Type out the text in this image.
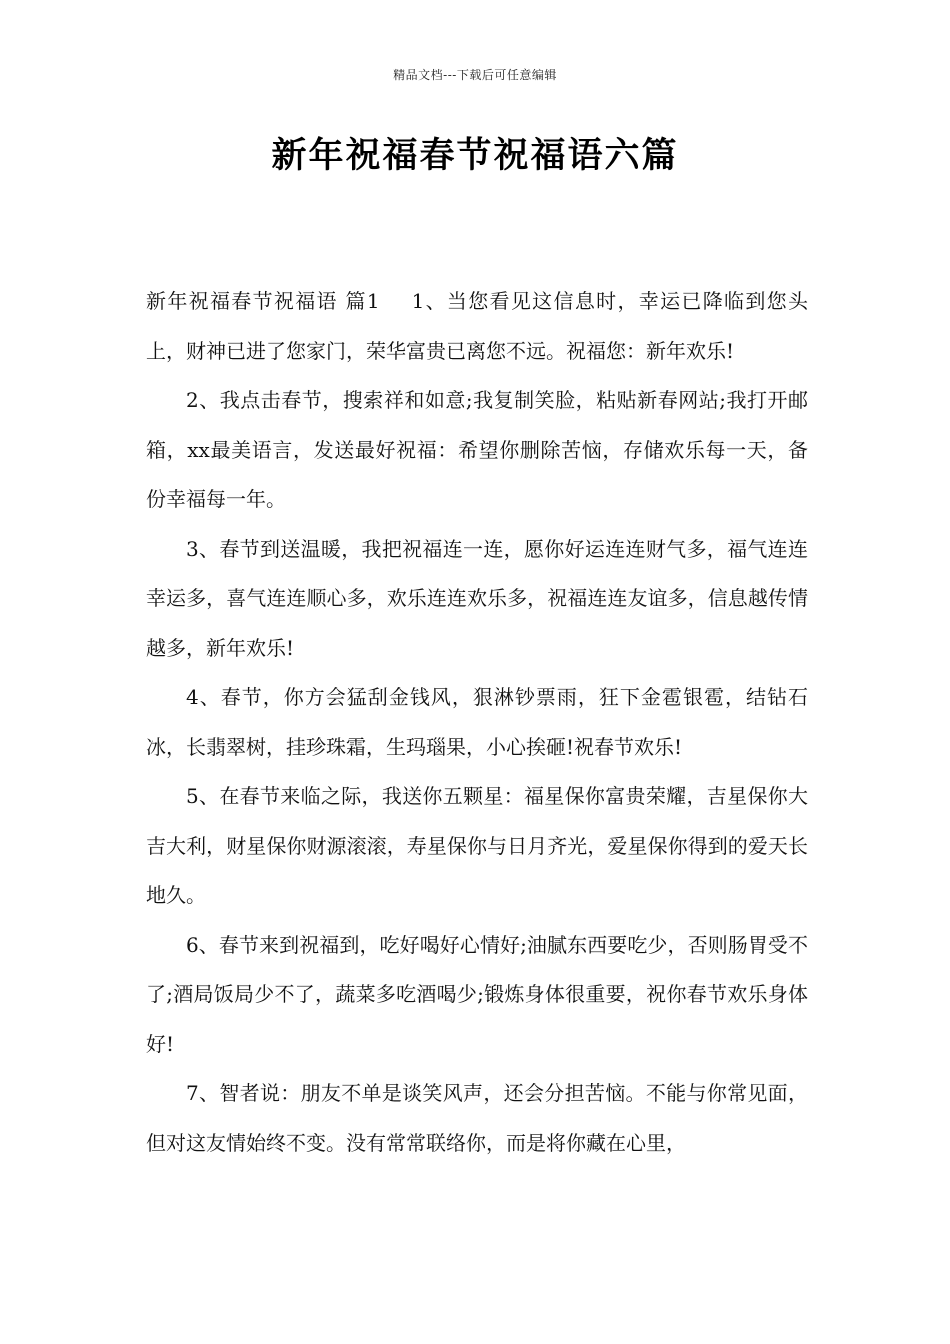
精品文档---下载后可任意编辑
新年祝福春节祝福语六篇

新年祝福春节祝福语 篇1 1、当您看见这信息时，幸运已降临到您头上，财神已进了您家门，荣华富贵已离您不远。祝福您：新年欢乐!

2、我点击春节，搜索祥和如意;我复制笑脸，粘贴新春网站;我打开邮箱，xx最美语言，发送最好祝福：希望你删除苦恼，存储欢乐每一天，备份幸福每一年。

3、春节到送温暖，我把祝福连一连，愿你好运连连财气多，福气连连幸运多，喜气连连顺心多，欢乐连连欢乐多，祝福连连友谊多，信息越传情越多，新年欢乐!

4、春节，你方会猛刮金钱风，狠淋钞票雨，狂下金雹银雹，结钻石冰，长翡翠树，挂珍珠霜，生玛瑙果，小心挨砸!祝春节欢乐!

5、在春节来临之际，我送你五颗星：福星保你富贵荣耀，吉星保你大吉大利，财星保你财源滚滚，寿星保你与日月齐光，爱星保你得到的爱天长地久。

6、春节来到祝福到，吃好喝好心情好;油腻东西要吃少，否则肠胃受不了;酒局饭局少不了，蔬菜多吃酒喝少;锻炼身体很重要，祝你春节欢乐身体好!

7、智者说：朋友不单是谈笑风声，还会分担苦恼。不能与你常见面，但对这友情始终不变。没有常常联络你，而是将你藏在心里，
